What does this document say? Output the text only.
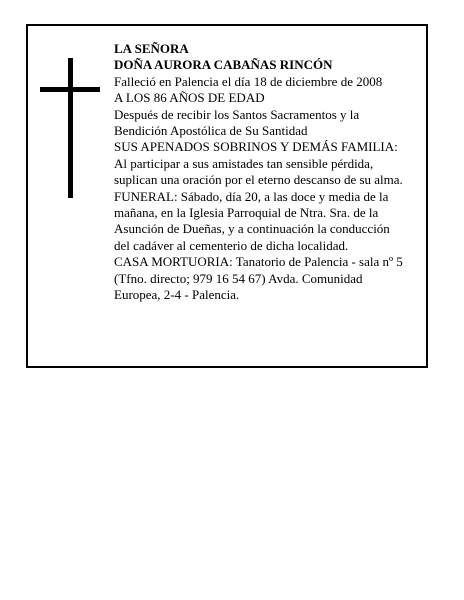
LA SEÑORA
DOÑA AURORA CABAÑAS RINCÓN
Falleció en Palencia el día 18 de diciembre de 2008
A LOS 86 AÑOS DE EDAD
Después de recibir los Santos Sacramentos y la
Bendición Apostólica de Su Santidad
SUS APENADOS SOBRINOS Y DEMÁS FAMILIA:
Al participar a sus amistades tan sensible pérdida,
suplican una oración por el eterno descanso de su alma.
FUNERAL: Sábado, día 20, a las doce y media de la
mañana, en la Iglesia Parroquial de Ntra. Sra. de la
Asunción de Dueñas, y a continuación la conducción
del cadáver al cementerio de dicha localidad.
CASA MORTUORIA: Tanatorio de Palencia - sala nº 5
(Tfno. directo; 979 16 54 67) Avda. Comunidad
Europea, 2-4 - Palencia.
